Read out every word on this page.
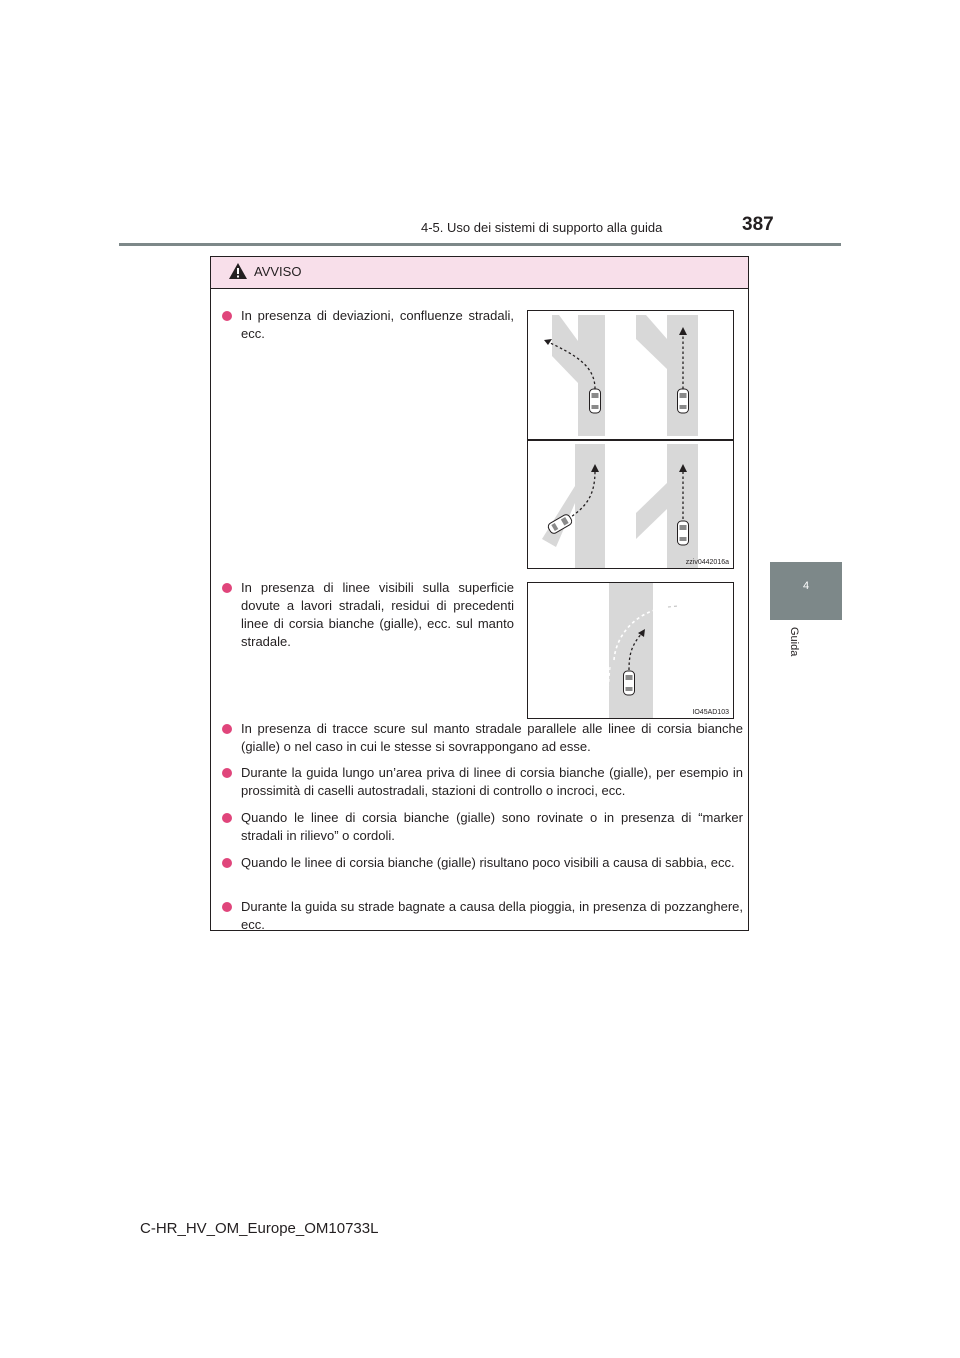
4-5. Uso dei sistemi di supporto alla guida	387
4
Guida
AVVISO
In presenza di deviazioni, confluenze stradali, ecc.
zziv0442016a
In presenza di linee visibili sulla superficie dovute a lavori stradali, residui di precedenti linee di corsia bianche (gialle), ecc. sul manto stradale.
IO45AD103
In presenza di tracce scure sul manto stradale parallele alle linee di corsia bianche (gialle) o nel caso in cui le stesse si sovrappongano ad esse.
Durante la guida lungo un’area priva di linee di corsia bianche (gialle), per esempio in prossimità di caselli autostradali, stazioni di controllo o incroci, ecc.
Quando le linee di corsia bianche (gialle) sono rovinate o in presenza di “marker stradali in rilievo” o cordoli.
Quando le linee di corsia bianche (gialle) risultano poco visibili a causa di sabbia, ecc.
Durante la guida su strade bagnate a causa della pioggia, in presenza di pozzanghere, ecc.
C-HR_HV_OM_Europe_OM10733L
